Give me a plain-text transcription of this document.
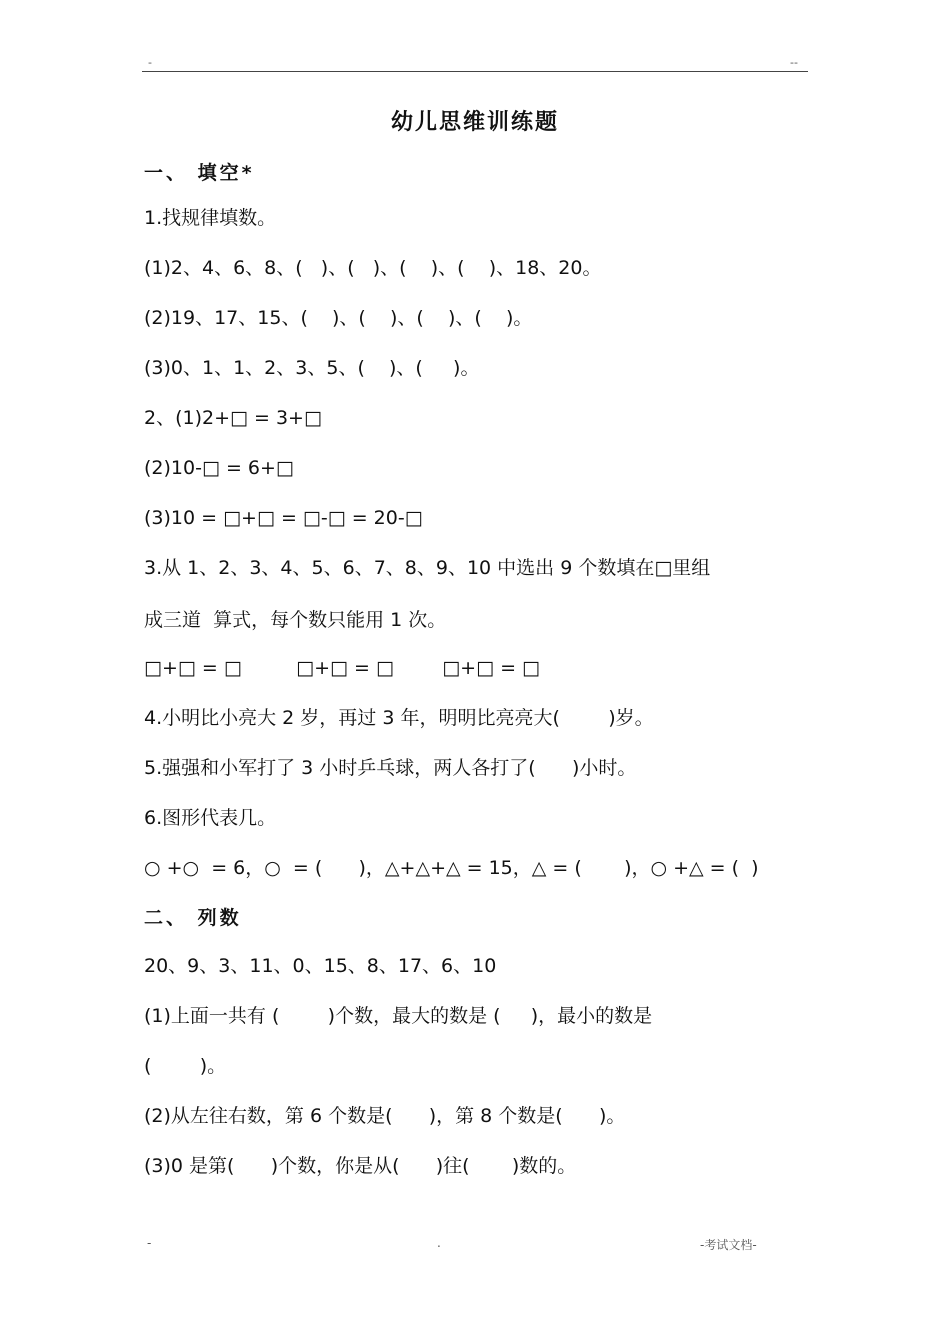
-	--
幼儿思维训练题
一、 填空*
1.找规律填数。
(1)2、4、6、8、(   )、(   )、(    )、(    )、18、20。
(2)19、17、15、(    )、(    )、(    )、(    )。
(3)0、1、1、2、3、5、(    )、(     )。
2、(1)2+□ = 3+□
(2)10-□ = 6+□
(3)10 = □+□ = □-□ = 20-□
3.从 1、2、3、4、5、6、7、8、9、10 中选出 9 个数填在□里组
成三道  算式，每个数只能用 1 次。
□+□ = □         □+□ = □        □+□ = □
4.小明比小亮大 2 岁，再过 3 年，明明比亮亮大(        )岁。
5.强强和小军打了 3 小时乒乓球，两人各打了(      )小时。
6.图形代表几。
○ +○  = 6，○  = (      )，△+△+△ = 15，△ = (       )，○ +△ = (  )
二、 列数
20、9、3、11、0、15、8、17、6、10
(1)上面一共有 (        )个数，最大的数是 (     )，最小的数是
(        )。
(2)从左往右数，第 6 个数是(      )，第 8 个数是(      )。
(3)0 是第(      )个数，你是从(      )往(       )数的。
-	.	-考试文档-
